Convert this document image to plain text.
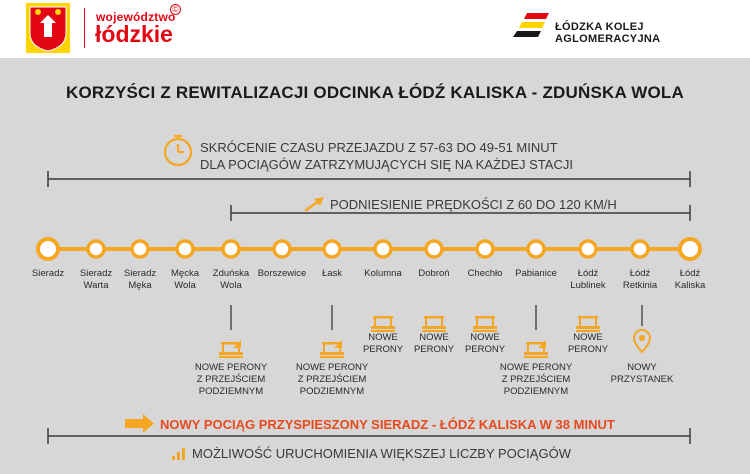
województwo
©
łódzkie	ŁÓDZKA KOLEJ AGLOMERACYJNA
KORZYŚCI Z REWITALIZACJI ODCINKA ŁÓDŹ KALISKA - ZDUŃSKA WOLA
SKRÓCENIE CZASU PRZEJAZDU Z 57-63 DO 49-51 MINUT
DLA POCIĄGÓW ZATRZYMUJĄCYCH SIĘ NA KAŻDEJ STACJI
PODNIESIENIE PRĘDKOŚCI Z 60 DO 120 KM/H
Sieradz	Sieradz
Warta
Sieradz
Męka
Męcka
Wola
Zduńska
Wola
Borszewice	Łask	Kolumna	Dobroń	Chechło	Pabianice	Łódź
Lublinek
Łódź
Retkinia
Łódź
Kaliska
NOWE PERONY
Z PRZEJŚCIEM
PODZIEMNYM
NOWE PERONY
Z PRZEJŚCIEM
PODZIEMNYM
NOWE
PERONY
NOWE
PERONY
NOWE
PERONY
NOWE PERONY
Z PRZEJŚCIEM
PODZIEMNYM
NOWE
PERONY
NOWY
PRZYSTANEK
NOWY POCIĄG PRZYSPIESZONY SIERADZ - ŁÓDŹ KALISKA W 38 MINUT
MOŻLIWOŚĆ URUCHOMIENIA WIĘKSZEJ LICZBY POCIĄGÓW
